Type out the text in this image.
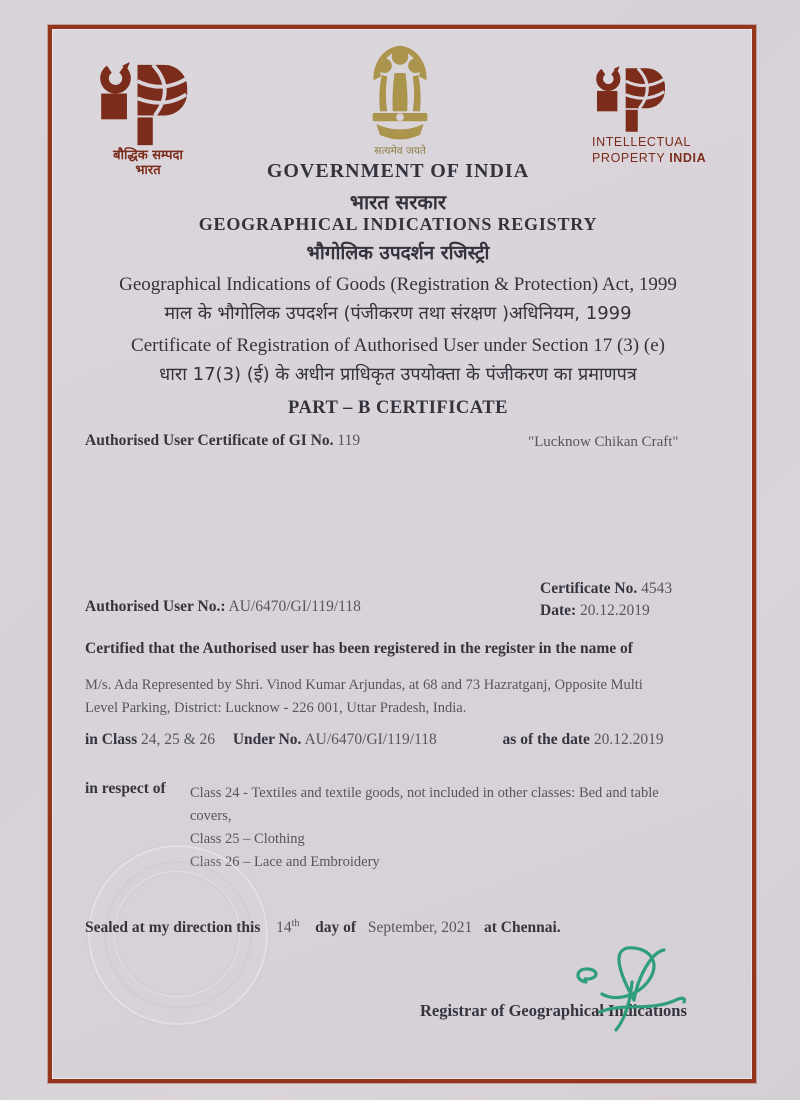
बौद्धिक सम्पदा
भारत
सत्यमेव जयते
INTELLECTUAL
PROPERTY INDIA
GOVERNMENT OF INDIA
भारत सरकार
GEOGRAPHICAL INDICATIONS REGISTRY
भौगोलिक उपदर्शन रजिस्ट्री
Geographical Indications of Goods (Registration & Protection) Act, 1999
माल के भौगोलिक उपदर्शन (पंजीकरण तथा संरक्षण )अधिनियम, 1999
Certificate of Registration of Authorised User under Section 17 (3) (e)
धारा 17(3) (ई) के अधीन प्राधिकृत उपयोक्ता के पंजीकरण का प्रमाणपत्र
PART – B CERTIFICATE
Authorised User Certificate of GI No. 119	"Lucknow Chikan Craft"
Certificate No. 4543
Date: 20.12.2019
Authorised User No.: AU/6470/GI/119/118
Certified that the Authorised user has been registered in the register in the name of
M/s. Ada Represented by Shri. Vinod Kumar Arjundas, at 68 and 73 Hazratganj, Opposite Multi
Level Parking, District: Lucknow - 226 001, Uttar Pradesh, India.
in Class 24, 25 & 26 Under No. AU/6470/GI/119/118	as of the date 20.12.2019
in respect of Class 24 - Textiles and textile goods, not included in other classes: Bed and table
covers,
Class 25 – Clothing
Class 26 – Lace and Embroidery
Sealed at my direction this 14th day of September, 2021 at Chennai.
Registrar of Geographical Indications
